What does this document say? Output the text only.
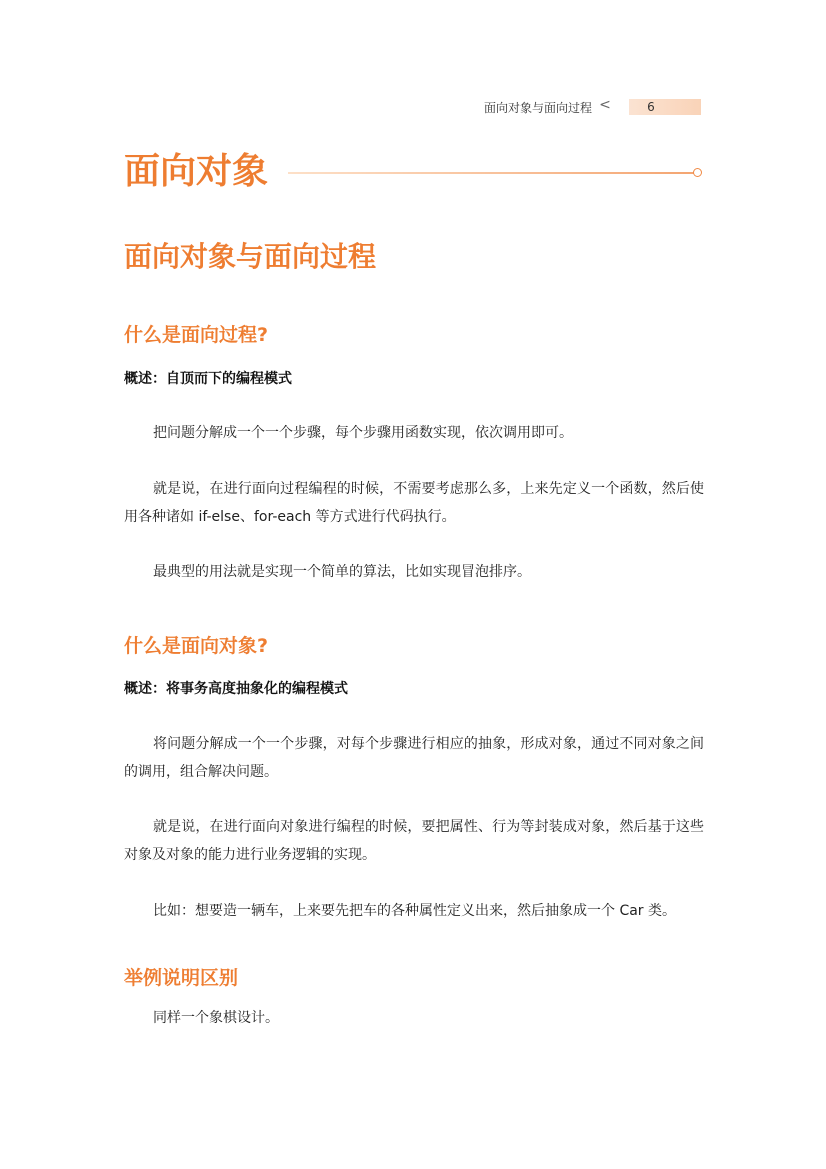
面向对象与面向过程 <	6
面向对象
面向对象与面向过程
什么是面向过程?
概述：自顶而下的编程模式
把问题分解成一个一个步骤，每个步骤用函数实现，依次调用即可。
就是说，在进行面向过程编程的时候，不需要考虑那么多，上来先定义一个函数，然后使用各种诸如 if-else、for-each 等方式进行代码执行。
最典型的用法就是实现一个简单的算法，比如实现冒泡排序。
什么是面向对象?
概述：将事务高度抽象化的编程模式
将问题分解成一个一个步骤，对每个步骤进行相应的抽象，形成对象，通过不同对象之间的调用，组合解决问题。
就是说，在进行面向对象进行编程的时候，要把属性、行为等封装成对象，然后基于这些对象及对象的能力进行业务逻辑的实现。
比如：想要造一辆车，上来要先把车的各种属性定义出来，然后抽象成一个 Car 类。
举例说明区别
同样一个象棋设计。
